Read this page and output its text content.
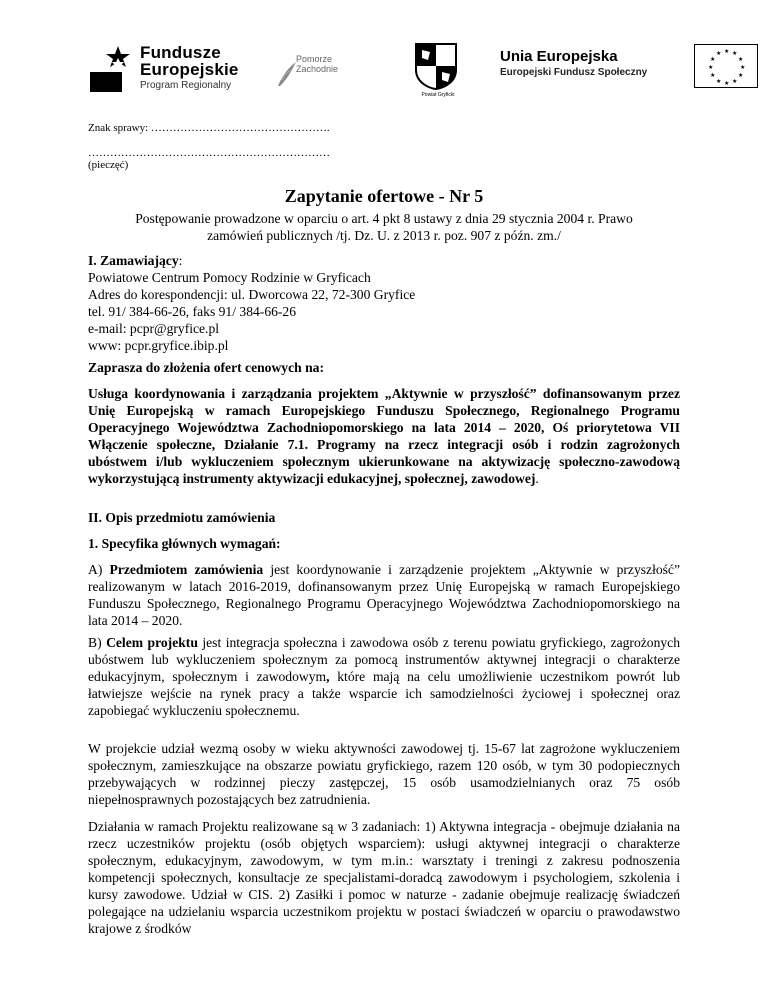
Fundusze
Europejskie
Program Regionalny
Pomorze
Zachodnie
Powiat Gryficki
Unia Europejska
Europejski Fundusz Społeczny
★ ★
★
★
★
★
★
★
★
★
★
★
Znak sprawy: ………………………………………….
…………………………………………………………
(pieczęć)
Zapytanie ofertowe - Nr 5
Postępowanie prowadzone w oparciu o art. 4 pkt 8 ustawy z dnia 29 stycznia 2004 r. Prawo zamówień publicznych /tj. Dz. U. z 2013 r. poz. 907 z późn. zm./
I. Zamawiający:
Powiatowe Centrum Pomocy Rodzinie w Gryficach
Adres do korespondencji: ul. Dworcowa 22, 72-300 Gryfice
tel. 91/ 384-66-26, faks 91/ 384-66-26
e-mail: pcpr@gryfice.pl
www: pcpr.gryfice.ibip.pl
Zaprasza do złożenia ofert cenowych na:
Usługa koordynowania i zarządzania projektem „Aktywnie w przyszłość” dofinansowanym przez Unię Europejską w ramach Europejskiego Funduszu Społecznego, Regionalnego Programu Operacyjnego Województwa Zachodniopomorskiego na lata 2014 – 2020, Oś priorytetowa VII Włączenie społeczne, Działanie 7.1. Programy na rzecz integracji osób i rodzin zagrożonych ubóstwem i/lub wykluczeniem społecznym ukierunkowane na aktywizację społeczno-zawodową wykorzystującą instrumenty aktywizacji edukacyjnej, społecznej, zawodowej.
II. Opis przedmiotu zamówienia
1. Specyfika głównych wymagań:
A) Przedmiotem zamówienia jest koordynowanie i zarządzenie projektem „Aktywnie w przyszłość” realizowanym w latach 2016-2019, dofinansowanym przez Unię Europejską w ramach Europejskiego Funduszu Społecznego, Regionalnego Programu Operacyjnego Województwa Zachodniopomorskiego na lata 2014 – 2020.
B) Celem projektu jest integracja społeczna i zawodowa osób z terenu powiatu gryfickiego, zagrożonych ubóstwem lub wykluczeniem społecznym za pomocą instrumentów aktywnej integracji o charakterze edukacyjnym, społecznym i zawodowym, które mają na celu umożliwienie uczestnikom powrót lub łatwiejsze wejście na rynek pracy a także wsparcie ich samodzielności życiowej i społecznej oraz zapobiegać wykluczeniu społecznemu.
W projekcie udział wezmą osoby w wieku aktywności zawodowej tj. 15-67 lat zagrożone wykluczeniem społecznym, zamieszkujące na obszarze powiatu gryfickiego, razem 120 osób, w tym 30 podopiecznych przebywających w rodzinnej pieczy zastępczej, 15 osób usamodzielnianych oraz 75 osób niepełnosprawnych pozostających bez zatrudnienia.
Działania w ramach Projektu realizowane są w 3 zadaniach: 1) Aktywna integracja - obejmuje działania na rzecz uczestników projektu (osób objętych wsparciem): usługi aktywnej integracji o charakterze społecznym, edukacyjnym, zawodowym, w tym m.in.: warsztaty i treningi z zakresu podnoszenia kompetencji społecznych, konsultacje ze specjalistami-doradcą zawodowym i psychologiem, szkolenia i kursy zawodowe. Udział w CIS. 2) Zasiłki i pomoc w naturze - zadanie obejmuje realizację świadczeń polegające na udzielaniu wsparcia uczestnikom projektu w postaci świadczeń w oparciu o prawodawstwo krajowe z środków
